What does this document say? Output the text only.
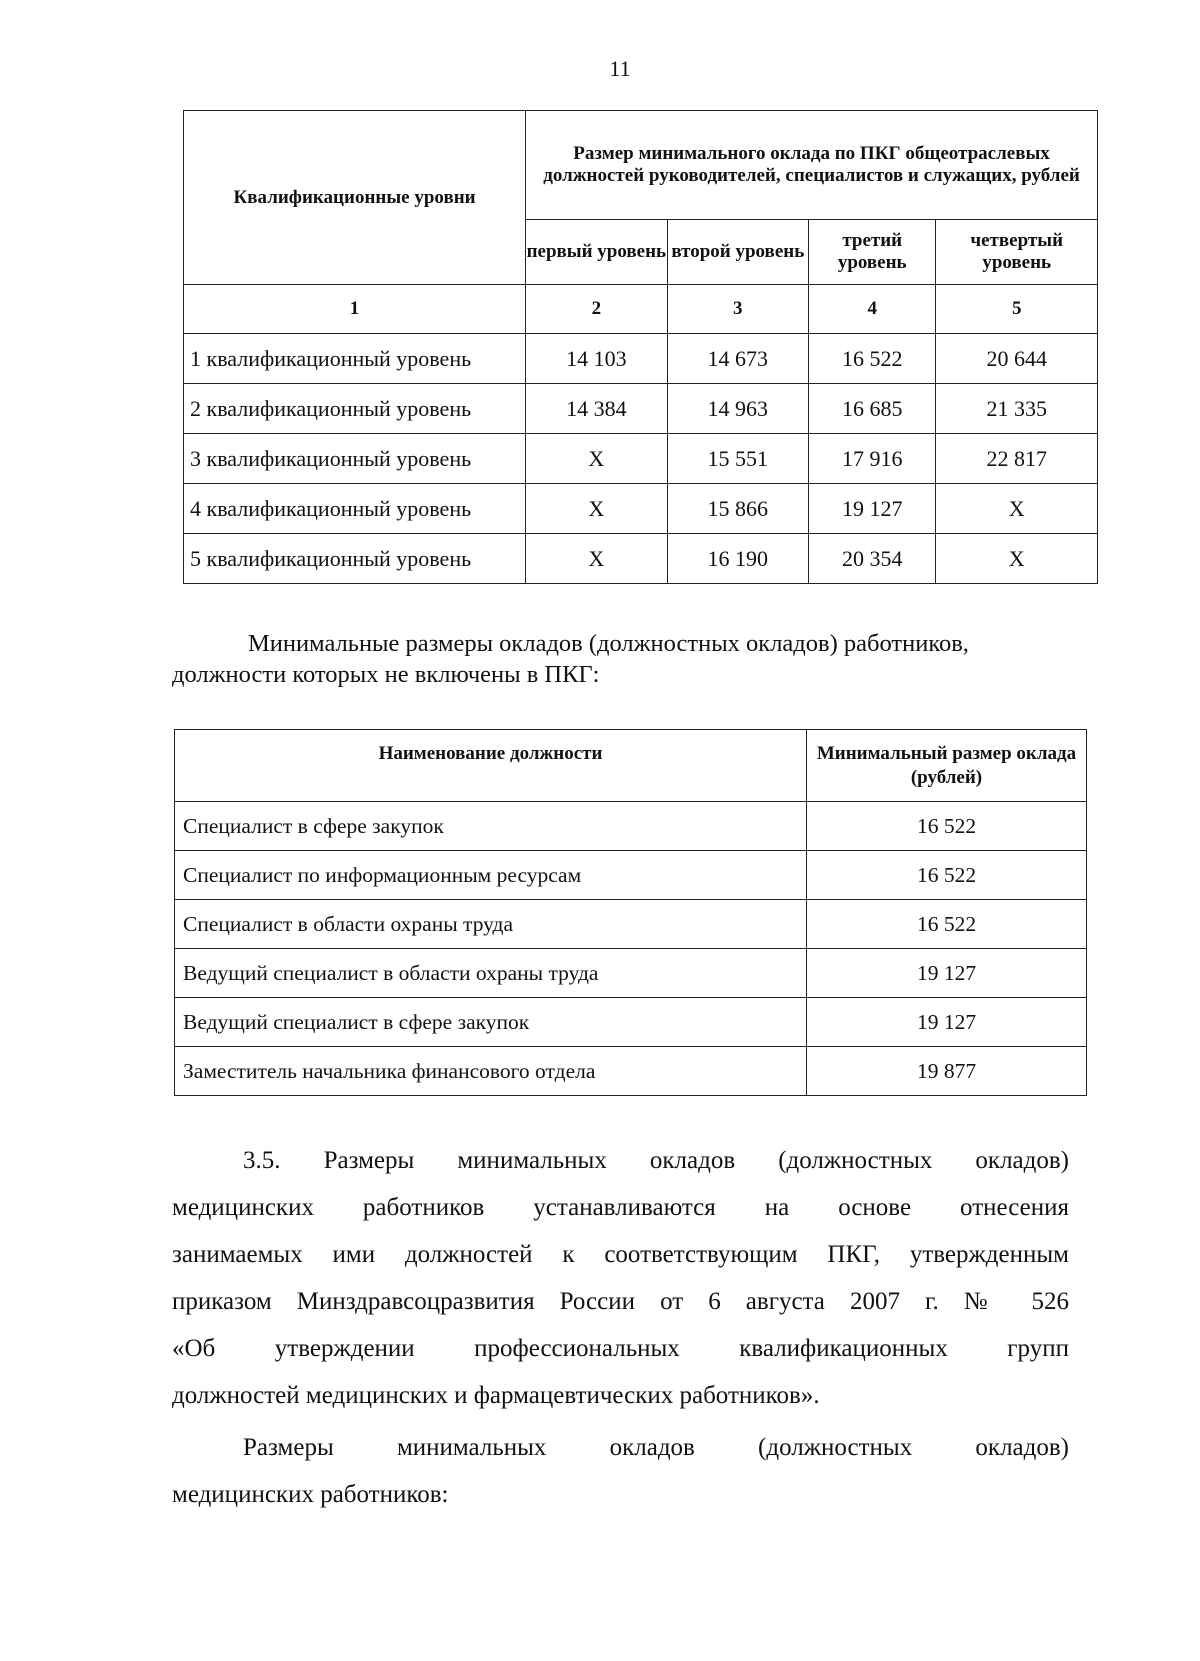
11
Квалификационные уровни	Размер минимального оклада по ПКГ общеотраслевых должностей руководителей, специалистов и служащих, рублей			
	первый уровень	второй уровень	третий уровень	четвертый уровень
1	2	3	4	5
1 квалификационный уровень	14 103	14 673	16 522	20 644
2 квалификационный уровень	14 384	14 963	16 685	21 335
3 квалификационный уровень	X	15 551	17 916	22 817
4 квалификационный уровень	X	15 866	19 127	X
5 квалификационный уровень	X	16 190	20 354	X
Минимальные размеры окладов (должностных окладов) работников,
должности которых не включены в ПКГ:
Наименование должности	Минимальный размер оклада (рублей)
Специалист в сфере закупок	16 522
Специалист по информационным ресурсам	16 522
Специалист в области охраны труда	16 522
Ведущий специалист в области охраны труда	19 127
Ведущий специалист в сфере закупок	19 127
Заместитель начальника финансового отдела	19 877
3.5. Размеры минимальных окладов (должностных окладов)
медицинских работников устанавливаются на основе отнесения
занимаемых ими должностей к соответствующим ПКГ, утвержденным
приказом Минздравсоцразвития России от 6 августа 2007 г. № 526
«Об утверждении профессиональных квалификационных групп
должностей медицинских и фармацевтических работников».
Размеры минимальных окладов (должностных окладов)
медицинских работников:
